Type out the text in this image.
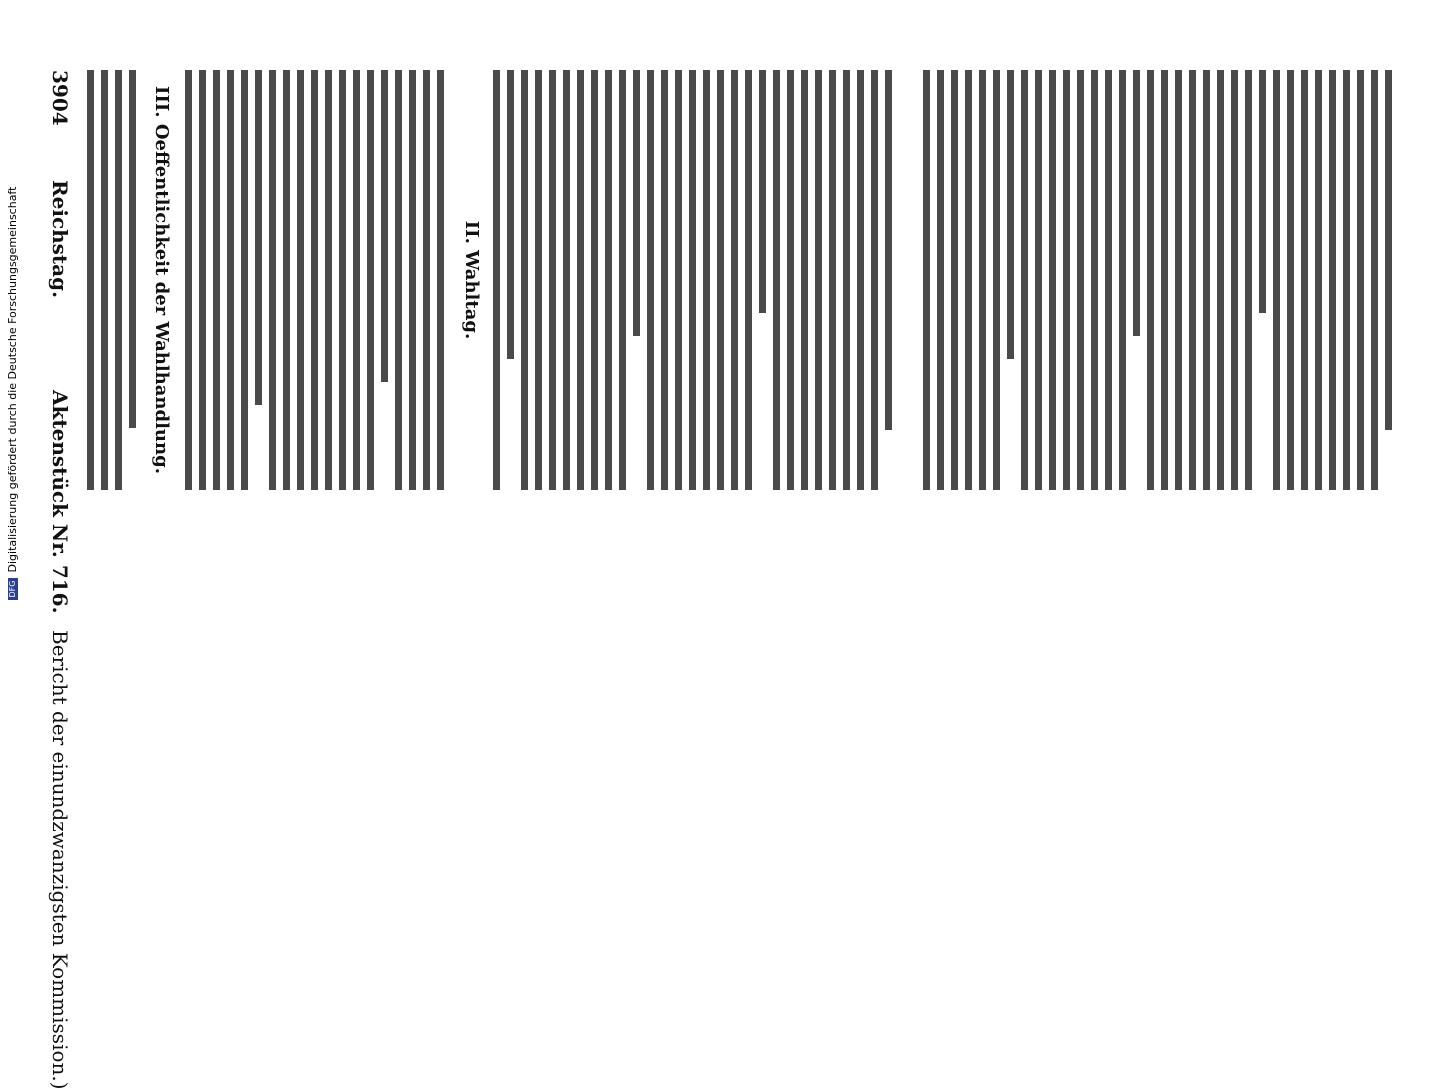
3904
Reichstag.
Aktenstück Nr. 716.
Bericht der einundzwanzigsten Kommission.)
II. Wahltag.
III. Oeffentlichkeit der Wahlhandlung.
DFG Digitalisierung gefördert durch die Deutsche Forschungsgemeinschaft
